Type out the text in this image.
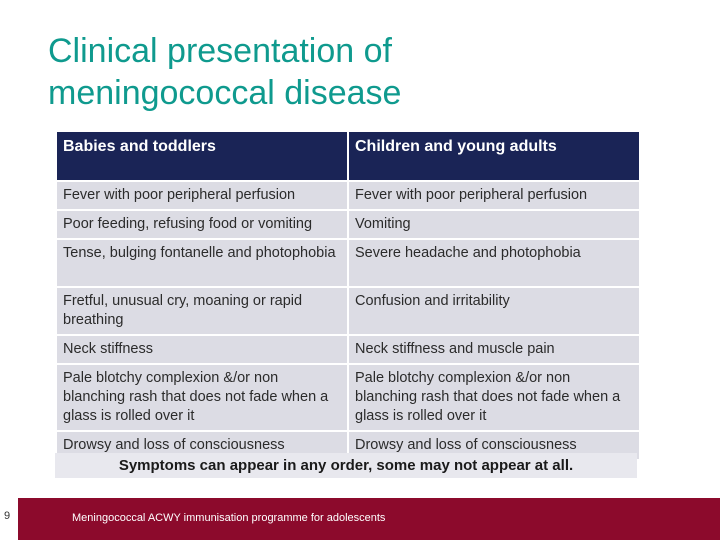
Clinical presentation of
meningococcal disease
Babies and toddlers	Children and young adults
Fever with poor peripheral perfusion	Fever with poor peripheral perfusion
Poor feeding, refusing food or vomiting	Vomiting
Tense, bulging fontanelle and photophobia	Severe headache and photophobia
Fretful, unusual cry, moaning or rapid breathing	Confusion and irritability
Neck stiffness	Neck stiffness and muscle pain
Pale blotchy complexion &/or non blanching rash that does not fade when a glass is rolled over it	Pale blotchy complexion &/or non blanching rash that does not fade when a glass is rolled over it
Drowsy and loss of consciousness	Drowsy and loss of consciousness
Symptoms can appear in any order, some may not appear at all.
9	Meningococcal ACWY immunisation programme for adolescents
